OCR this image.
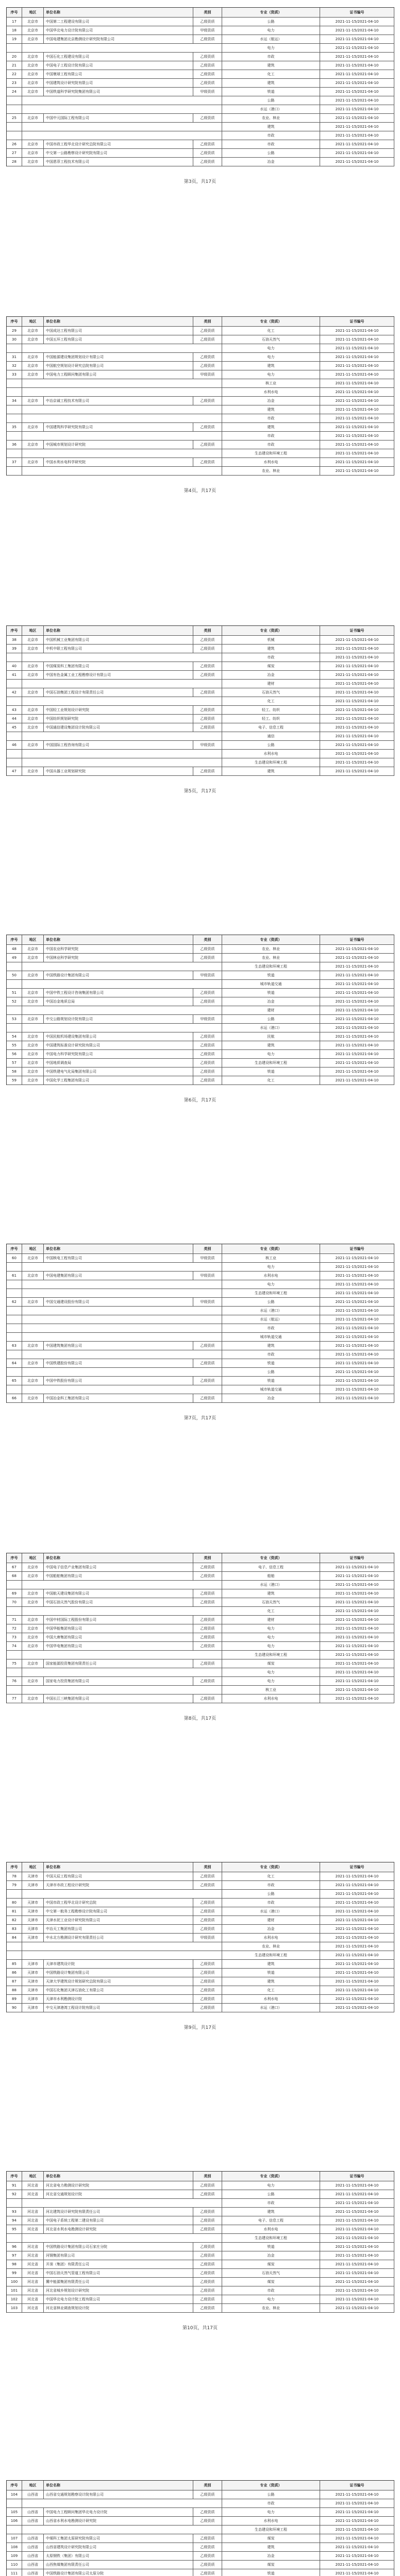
序号	地区	单位名称	类别	专业（资质）	证书编号
17	北京市	中国第二工程建设有限公司	乙级资质	公路	2021-11-15/2021-04-10
18	北京市	中国华北电力设计院有限公司	甲级资质	电力	2021-11-15/2021-04-10
19	北京市	中国电建集团北京勘测设计研究院有限公司	乙级资质	水运（航运）	2021-11-15/2021-04-10
电力	2021-11-15/2021-04-10
20	北京市	中国石化工程建设有限公司	乙级资质	市政	2021-11-15/2021-04-10
21	北京市	中国电子工程设计院有限公司	乙级资质	建筑	2021-11-15/2021-04-10
22	北京市	中国寰球工程有限公司	乙级资质	化工	2021-11-15/2021-04-10
23	北京市	中国建筑设计研究院有限公司	乙级资质	建筑	2021-11-15/2021-04-10
24	北京市	中国铁道科学研究院集团有限公司	甲级资质	铁道	2021-11-15/2021-04-10
公路	2021-11-15/2021-04-10
水运（港口）	2021-11-15/2021-04-10
25	北京市	中国中元国际工程有限公司	乙级资质	农业、林业	2021-11-15/2021-04-10
建筑	2021-11-15/2021-04-10
市政	2021-11-15/2021-04-10
26	北京市	中国市政工程华北设计研究总院有限公司	乙级资质	市政	2021-11-15/2021-04-10
27	北京市	中交第一公路勘察设计研究院有限公司	乙级资质	公路	2021-11-15/2021-04-10
28	北京市	中国恩菲工程技术有限公司	乙级资质	冶金	2021-11-15/2021-04-10
第3页，共17页
序号	地区	单位名称	类别	专业（资质）	证书编号
29	北京市	中国成达工程有限公司	乙级资质	化工	2021-11-15/2021-04-10
30	北京市	中国五环工程有限公司	乙级资质	石油天然气	2021-11-15/2021-04-10
电力	2021-11-15/2021-04-10
31	北京市	中国能源建设集团规划设计有限公司	乙级资质	电力	2021-11-15/2021-04-10
32	北京市	中国航空规划设计研究总院有限公司	乙级资质	建筑	2021-11-15/2021-04-10
33	北京市	中国电力工程顾问集团有限公司	甲级资质	电力	2021-11-15/2021-04-10
核工业	2021-11-15/2021-04-10
水利水电	2021-11-15/2021-04-10
34	北京市	中冶京诚工程技术有限公司	乙级资质	冶金	2021-11-15/2021-04-10
建筑	2021-11-15/2021-04-10
市政	2021-11-15/2021-04-10
35	北京市	中国建筑科学研究院有限公司	乙级资质	建筑	2021-11-15/2021-04-10
市政	2021-11-15/2021-04-10
36	北京市	中国城市规划设计研究院	乙级资质	市政	2021-11-15/2021-04-10
生态建设和环境工程	2021-11-15/2021-04-10
37	北京市	中国水利水电科学研究院	乙级资质	水利水电	2021-11-15/2021-04-10
农业、林业	2021-11-15/2021-04-10
第4页，共17页
序号	地区	单位名称	类别	专业（资质）	证书编号
38	北京市	中国机械工业集团有限公司	乙级资质	机械	2021-11-15/2021-04-10
39	北京市	中机中联工程有限公司	乙级资质	建筑	2021-11-15/2021-04-10
市政	2021-11-15/2021-04-10
40	北京市	中国煤炭科工集团有限公司	乙级资质	煤炭	2021-11-15/2021-04-10
41	北京市	中国有色金属工业工程勘察设计有限公司	乙级资质	冶金	2021-11-15/2021-04-10
建材	2021-11-15/2021-04-10
42	北京市	中国石油集团工程设计有限责任公司	乙级资质	石油天然气	2021-11-15/2021-04-10
化工	2021-11-15/2021-04-10
43	北京市	中国轻工业规划设计研究院	乙级资质	轻工、纺织	2021-11-15/2021-04-10
44	北京市	中国纺织规划研究院	乙级资质	轻工、纺织	2021-11-15/2021-04-10
45	北京市	中国通信建设集团设计院有限公司	乙级资质	电子、信息工程	2021-11-15/2021-04-10
通信	2021-11-15/2021-04-10
46	北京市	中国国际工程咨询有限公司	甲级资质	公路	2021-11-15/2021-04-10
水利水电	2021-11-15/2021-04-10
生态建设和环境工程	2021-11-15/2021-04-10
47	北京市	中国兵器工业规划研究院	乙级资质	建筑	2021-11-15/2021-04-10
第5页，共17页
序号	地区	单位名称	类别	专业（资质）	证书编号
48	北京市	中国农业科学研究院	乙级资质	农业、林业	2021-11-15/2021-04-10
49	北京市	中国林业科学研究院	乙级资质	农业、林业	2021-11-15/2021-04-10
生态建设和环境工程	2021-11-15/2021-04-10
50	北京市	中国铁路设计集团有限公司	甲级资质	铁道	2021-11-15/2021-04-10
城市轨道交通	2021-11-15/2021-04-10
51	北京市	中国中铁工程设计咨询集团有限公司	乙级资质	铁道	2021-11-15/2021-04-10
52	北京市	中国冶金地质总局	乙级资质	冶金	2021-11-15/2021-04-10
建材	2021-11-15/2021-04-10
53	北京市	中交公路规划设计院有限公司	甲级资质	公路	2021-11-15/2021-04-10
水运（港口）	2021-11-15/2021-04-10
54	北京市	中国民航机场建设集团有限公司	乙级资质	民航	2021-11-15/2021-04-10
55	北京市	中国建筑标准设计研究院有限公司	乙级资质	建筑	2021-11-15/2021-04-10
56	北京市	中国电力科学研究院有限公司	乙级资质	电力	2021-11-15/2021-04-10
57	北京市	中国地质调查局	乙级资质	生态建设和环境工程	2021-11-15/2021-04-10
58	北京市	中国铁建电气化局集团有限公司	乙级资质	铁道	2021-11-15/2021-04-10
59	北京市	中国化学工程集团有限公司	乙级资质	化工	2021-11-15/2021-04-10
第6页，共17页
序号	地区	单位名称	类别	专业（资质）	证书编号
60	北京市	中国核电工程有限公司	甲级资质	核工业	2021-11-15/2021-04-10
电力	2021-11-15/2021-04-10
61	北京市	中国电建集团有限公司	甲级资质	水利水电	2021-11-15/2021-04-10
电力	2021-11-15/2021-04-10
生态建设和环境工程	2021-11-15/2021-04-10
62	北京市	中国交通建设股份有限公司	甲级资质	公路	2021-11-15/2021-04-10
水运（港口）	2021-11-15/2021-04-10
水运（航运）	2021-11-15/2021-04-10
市政	2021-11-15/2021-04-10
城市轨道交通	2021-11-15/2021-04-10
63	北京市	中国建筑集团有限公司	乙级资质	建筑	2021-11-15/2021-04-10
市政	2021-11-15/2021-04-10
64	北京市	中国铁建股份有限公司	乙级资质	铁道	2021-11-15/2021-04-10
公路	2021-11-15/2021-04-10
65	北京市	中国中铁股份有限公司	乙级资质	铁道	2021-11-15/2021-04-10
城市轨道交通	2021-11-15/2021-04-10
66	北京市	中国冶金科工集团有限公司	乙级资质	冶金	2021-11-15/2021-04-10
第7页，共17页
序号	地区	单位名称	类别	专业（资质）	证书编号
67	北京市	中国电子信息产业集团有限公司	乙级资质	电子、信息工程	2021-11-15/2021-04-10
68	北京市	中国船舶集团有限公司	乙级资质	船舶	2021-11-15/2021-04-10
水运（港口）	2021-11-15/2021-04-10
69	北京市	中国航天建设集团有限公司	乙级资质	建筑	2021-11-15/2021-04-10
70	北京市	中国石油天然气股份有限公司	乙级资质	石油天然气	2021-11-15/2021-04-10
化工	2021-11-15/2021-04-10
71	北京市	中国中材国际工程股份有限公司	乙级资质	建材	2021-11-15/2021-04-10
72	北京市	中国华能集团有限公司	乙级资质	电力	2021-11-15/2021-04-10
73	北京市	中国大唐集团有限公司	乙级资质	电力	2021-11-15/2021-04-10
74	北京市	中国华电集团有限公司	乙级资质	电力	2021-11-15/2021-04-10
生态建设和环境工程	2021-11-15/2021-04-10
75	北京市	国家能源投资集团有限责任公司	乙级资质	煤炭	2021-11-15/2021-04-10
电力	2021-11-15/2021-04-10
76	北京市	国家电力投资集团有限公司	乙级资质	电力	2021-11-15/2021-04-10
核工业	2021-11-15/2021-04-10
77	北京市	中国长江三峡集团有限公司	乙级资质	水利水电	2021-11-15/2021-04-10
第8页，共17页
序号	地区	单位名称	类别	专业（资质）	证书编号
78	天津市	中国天辰工程有限公司	乙级资质	化工	2021-11-15/2021-04-10
79	天津市	天津市市政工程设计研究院	乙级资质	市政	2021-11-15/2021-04-10
公路	2021-11-15/2021-04-10
80	天津市	中国市政工程华北设计研究总院	乙级资质	市政	2021-11-15/2021-04-10
81	天津市	中交第一航务工程勘察设计院有限公司	乙级资质	水运（港口）	2021-11-15/2021-04-10
82	天津市	天津水泥工业设计研究院有限公司	乙级资质	建材	2021-11-15/2021-04-10
83	天津市	中冶天工集团有限公司	乙级资质	冶金	2021-11-15/2021-04-10
84	天津市	中水北方勘测设计研究有限责任公司	甲级资质	水利水电	2021-11-15/2021-04-10
农业、林业	2021-11-15/2021-04-10
生态建设和环境工程	2021-11-15/2021-04-10
85	天津市	天津市建筑设计院	乙级资质	建筑	2021-11-15/2021-04-10
86	天津市	中国铁路设计集团有限公司	乙级资质	铁道	2021-11-15/2021-04-10
87	天津市	天津大学建筑设计规划研究总院有限公司	乙级资质	建筑	2021-11-15/2021-04-10
88	天津市	中国石化集团天津石油化工有限公司	乙级资质	化工	2021-11-15/2021-04-10
89	天津市	天津市水利勘测设计院	乙级资质	水利水电	2021-11-15/2021-04-10
90	天津市	中交天津港湾工程设计院有限公司	乙级资质	水运（港口）	2021-11-15/2021-04-10
第9页，共17页
序号	地区	单位名称	类别	专业（资质）	证书编号
91	河北省	河北省电力勘测设计研究院	乙级资质	电力	2021-11-15/2021-04-10
92	河北省	河北省交通规划设计院	乙级资质	公路	2021-11-15/2021-04-10
市政	2021-11-15/2021-04-10
93	河北省	河北建筑设计研究院有限责任公司	乙级资质	建筑	2021-11-15/2021-04-10
94	河北省	中国电子系统工程第二建设有限公司	乙级资质	电子、信息工程	2021-11-15/2021-04-10
95	河北省	河北省水利水电勘测设计研究院	乙级资质	水利水电	2021-11-15/2021-04-10
生态建设和环境工程	2021-11-15/2021-04-10
96	河北省	中国铁路设计集团有限公司石家庄分院	乙级资质	铁道	2021-11-15/2021-04-10
97	河北省	河钢集团有限公司	乙级资质	冶金	2021-11-15/2021-04-10
98	河北省	开滦（集团）有限责任公司	乙级资质	煤炭	2021-11-15/2021-04-10
99	河北省	中国石油天然气管道工程有限公司	乙级资质	石油天然气	2021-11-15/2021-04-10
100	河北省	冀中能源集团有限责任公司	乙级资质	煤炭	2021-11-15/2021-04-10
101	河北省	河北省城乡规划设计研究院	乙级资质	市政	2021-11-15/2021-04-10
102	河北省	中国华北电力设计院工程有限公司	乙级资质	电力	2021-11-15/2021-04-10
103	河北省	河北省林业调查规划设计院	乙级资质	农业、林业	2021-11-15/2021-04-10
第10页，共17页
序号	地区	单位名称	类别	专业（资质）	证书编号
104	山西省	山西省交通规划勘察设计院有限公司	乙级资质	公路	2021-11-15/2021-04-10
市政	2021-11-15/2021-04-10
105	山西省	中国电力工程顾问集团华北电力设计院	乙级资质	电力	2021-11-15/2021-04-10
106	山西省	山西省水利水电勘测设计研究院	乙级资质	水利水电	2021-11-15/2021-04-10
生态建设和环境工程	2021-11-15/2021-04-10
107	山西省	中煤科工集团太原研究院有限公司	乙级资质	煤炭	2021-11-15/2021-04-10
108	山西省	山西省建筑设计研究院有限公司	乙级资质	建筑	2021-11-15/2021-04-10
109	山西省	太原钢铁（集团）有限公司	乙级资质	冶金	2021-11-15/2021-04-10
110	山西省	山西焦煤集团有限责任公司	乙级资质	煤炭	2021-11-15/2021-04-10
111	山西省	中国铁路设计集团有限公司太原分院	乙级资质	铁道	2021-11-15/2021-04-10
